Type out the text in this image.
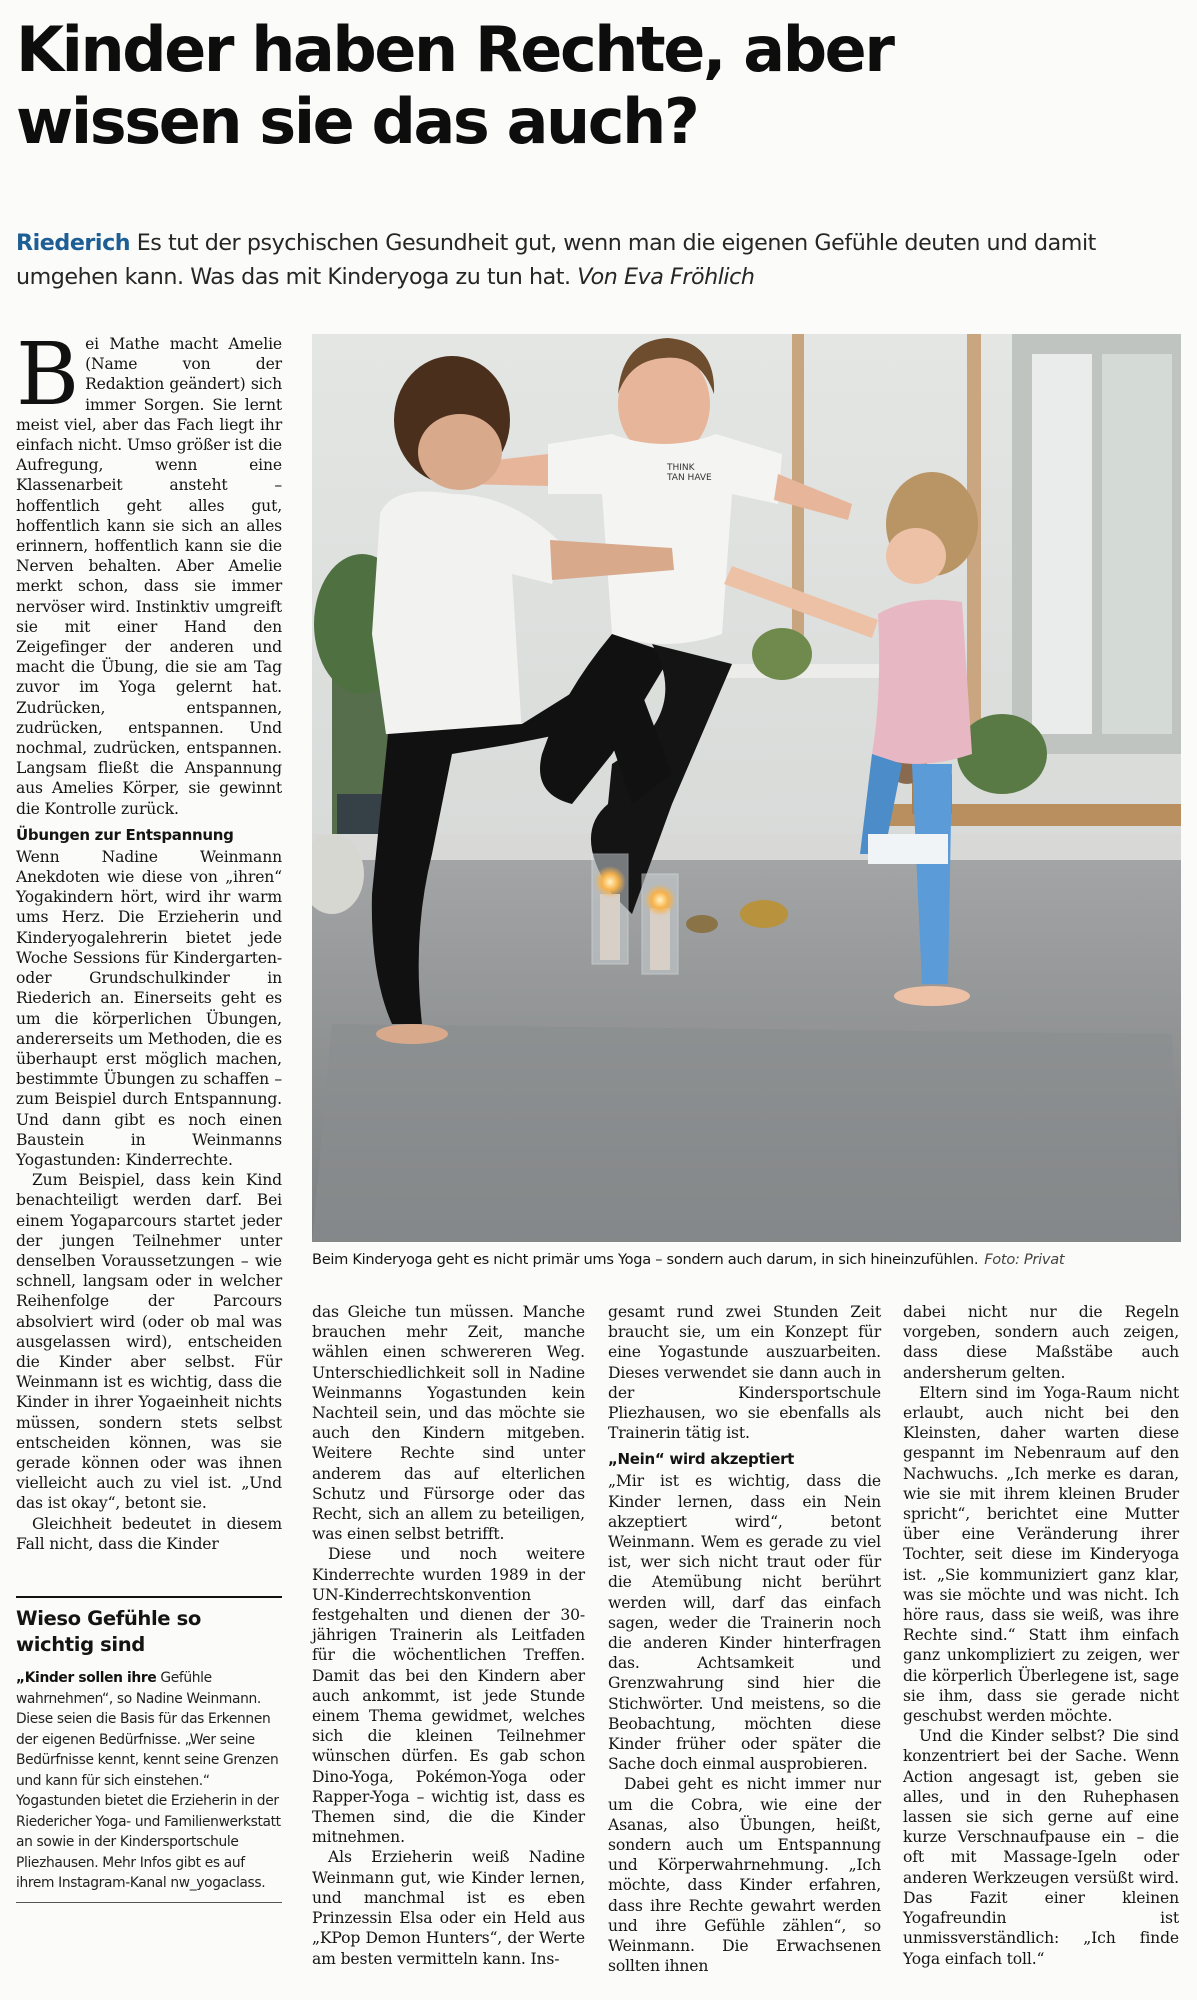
Kinder haben Rechte, aber
wissen sie das auch?
Riederich Es tut der psychischen Gesundheit gut, wenn man die eigenen Gefühle deuten und damit umgehen kann. Was das mit Kinderyoga zu tun hat. Von Eva Fröhlich

Bei Mathe macht Amelie (Name von der Redaktion geändert) sich immer Sorgen. Sie lernt meist viel, aber das Fach liegt ihr einfach nicht. Umso größer ist die Aufregung, wenn eine Klassenarbeit ansteht – hoffentlich geht alles gut, hoffentlich kann sie sich an alles erinnern, hoffentlich kann sie die Nerven behalten. Aber Amelie merkt schon, dass sie immer nervöser wird. Instinktiv umgreift sie mit einer Hand den Zeigefinger der anderen und macht die Übung, die sie am Tag zuvor im Yoga gelernt hat. Zudrücken, entspannen, zudrücken, entspannen. Und nochmal, zudrücken, entspannen. Langsam fließt die Anspannung aus Amelies Körper, sie gewinnt die Kontrolle zurück.

Übungen zur Entspannung

Wenn Nadine Weinmann Anekdoten wie diese von „ihren“ Yogakindern hört, wird ihr warm ums Herz. Die Erzieherin und Kinderyogalehrerin bietet jede Woche Sessions für Kindergarten- oder Grundschulkinder in Riederich an. Einerseits geht es um die körperlichen Übungen, andererseits um Methoden, die es überhaupt erst möglich machen, bestimmte Übungen zu schaffen – zum Beispiel durch Entspannung. Und dann gibt es noch einen Baustein in Weinmanns Yogastunden: Kinderrechte.

Zum Beispiel, dass kein Kind benachteiligt werden darf. Bei einem Yogaparcours startet jeder der jungen Teilnehmer unter denselben Voraussetzungen – wie schnell, langsam oder in welcher Reihenfolge der Parcours absolviert wird (oder ob mal was ausgelassen wird), entscheiden die Kinder aber selbst. Für Weinmann ist es wichtig, dass die Kinder in ihrer Yogaeinheit nichts müssen, sondern stets selbst entscheiden können, was sie gerade können oder was ihnen vielleicht auch zu viel ist. „Und das ist okay“, betont sie.

Gleichheit bedeutet in diesem Fall nicht, dass die Kinder

Wieso Gefühle so wichtig sind

„Kinder sollen ihre Gefühle wahrnehmen“, so Nadine Weinmann. Diese seien die Basis für das Erkennen der eigenen Bedürfnisse. „Wer seine Bedürfnisse kennt, kennt seine Grenzen und kann für sich einstehen.“ Yogastunden bietet die Erzieherin in der Riedericher Yoga- und Familienwerkstatt an sowie in der Kindersportschule Pliezhausen. Mehr Infos gibt es auf ihrem Instagram-Kanal nw_yogaclass.

THINK
TAN HAVE
Beim Kinderyoga geht es nicht primär ums Yoga – sondern auch darum, in sich hineinzufühlen. Foto: Privat

das Gleiche tun müssen. Manche brauchen mehr Zeit, manche wählen einen schwereren Weg. Unterschiedlichkeit soll in Nadine Weinmanns Yogastunden kein Nachteil sein, und das möchte sie auch den Kindern mitgeben. Weitere Rechte sind unter anderem das auf elterlichen Schutz und Fürsorge oder das Recht, sich an allem zu beteiligen, was einen selbst betrifft.

Diese und noch weitere Kinderrechte wurden 1989 in der UN-Kinderrechtskonvention festgehalten und dienen der 30-jährigen Trainerin als Leitfaden für die wöchentlichen Treffen. Damit das bei den Kindern aber auch ankommt, ist jede Stunde einem Thema gewidmet, welches sich die kleinen Teilnehmer wünschen dürfen. Es gab schon Dino-Yoga, Pokémon-Yoga oder Rapper-Yoga – wichtig ist, dass es Themen sind, die die Kinder mitnehmen.

Als Erzieherin weiß Nadine Weinmann gut, wie Kinder lernen, und manchmal ist es eben Prinzessin Elsa oder ein Held aus „KPop Demon Hunters“, der Werte am besten vermitteln kann. Ins-

gesamt rund zwei Stunden Zeit braucht sie, um ein Konzept für eine Yogastunde auszuarbeiten. Dieses verwendet sie dann auch in der Kindersportschule Pliezhausen, wo sie ebenfalls als Trainerin tätig ist.

„Nein“ wird akzeptiert

„Mir ist es wichtig, dass die Kinder lernen, dass ein Nein akzeptiert wird“, betont Weinmann. Wem es gerade zu viel ist, wer sich nicht traut oder für die Atemübung nicht berührt werden will, darf das einfach sagen, weder die Trainerin noch die anderen Kinder hinterfragen das. Achtsamkeit und Grenzwahrung sind hier die Stichwörter. Und meistens, so die Beobachtung, möchten diese Kinder früher oder später die Sache doch einmal ausprobieren.

Dabei geht es nicht immer nur um die Cobra, wie eine der Asanas, also Übungen, heißt, sondern auch um Entspannung und Körperwahrnehmung. „Ich möchte, dass Kinder erfahren, dass ihre Rechte gewahrt werden und ihre Gefühle zählen“, so Weinmann. Die Erwachsenen sollten ihnen

dabei nicht nur die Regeln vorgeben, sondern auch zeigen, dass diese Maßstäbe auch andersherum gelten.

Eltern sind im Yoga-Raum nicht erlaubt, auch nicht bei den Kleinsten, daher warten diese gespannt im Nebenraum auf den Nachwuchs. „Ich merke es daran, wie sie mit ihrem kleinen Bruder spricht“, berichtet eine Mutter über eine Veränderung ihrer Tochter, seit diese im Kinderyoga ist. „Sie kommuniziert ganz klar, was sie möchte und was nicht. Ich höre raus, dass sie weiß, was ihre Rechte sind.“ Statt ihm einfach ganz unkompliziert zu zeigen, wer die körperlich Überlegene ist, sage sie ihm, dass sie gerade nicht geschubst werden möchte.

Und die Kinder selbst? Die sind konzentriert bei der Sache. Wenn Action angesagt ist, geben sie alles, und in den Ruhephasen lassen sie sich gerne auf eine kurze Verschnaufpause ein – die oft mit Massage-Igeln oder anderen Werkzeugen versüßt wird. Das Fazit einer kleinen Yogafreundin ist unmissverständlich: „Ich finde Yoga einfach toll.“
